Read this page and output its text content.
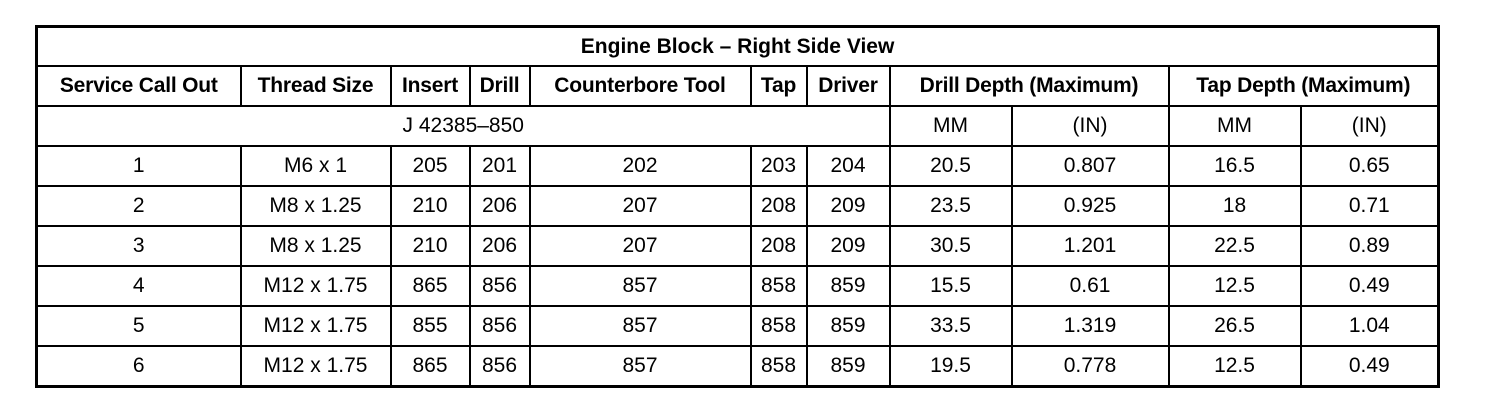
Engine Block – Right Side View										
Service Call Out	Thread Size	Insert	Drill	Counterbore Tool	Tap	Driver	Drill Depth (Maximum)		Tap Depth (Maximum)	
J 42385–850							MM	(IN)	MM	(IN)
1	M6 x 1	205	201	202	203	204	20.5	0.807	16.5	0.65
2	M8 x 1.25	210	206	207	208	209	23.5	0.925	18	0.71
3	M8 x 1.25	210	206	207	208	209	30.5	1.201	22.5	0.89
4	M12 x 1.75	865	856	857	858	859	15.5	0.61	12.5	0.49
5	M12 x 1.75	855	856	857	858	859	33.5	1.319	26.5	1.04
6	M12 x 1.75	865	856	857	858	859	19.5	0.778	12.5	0.49
